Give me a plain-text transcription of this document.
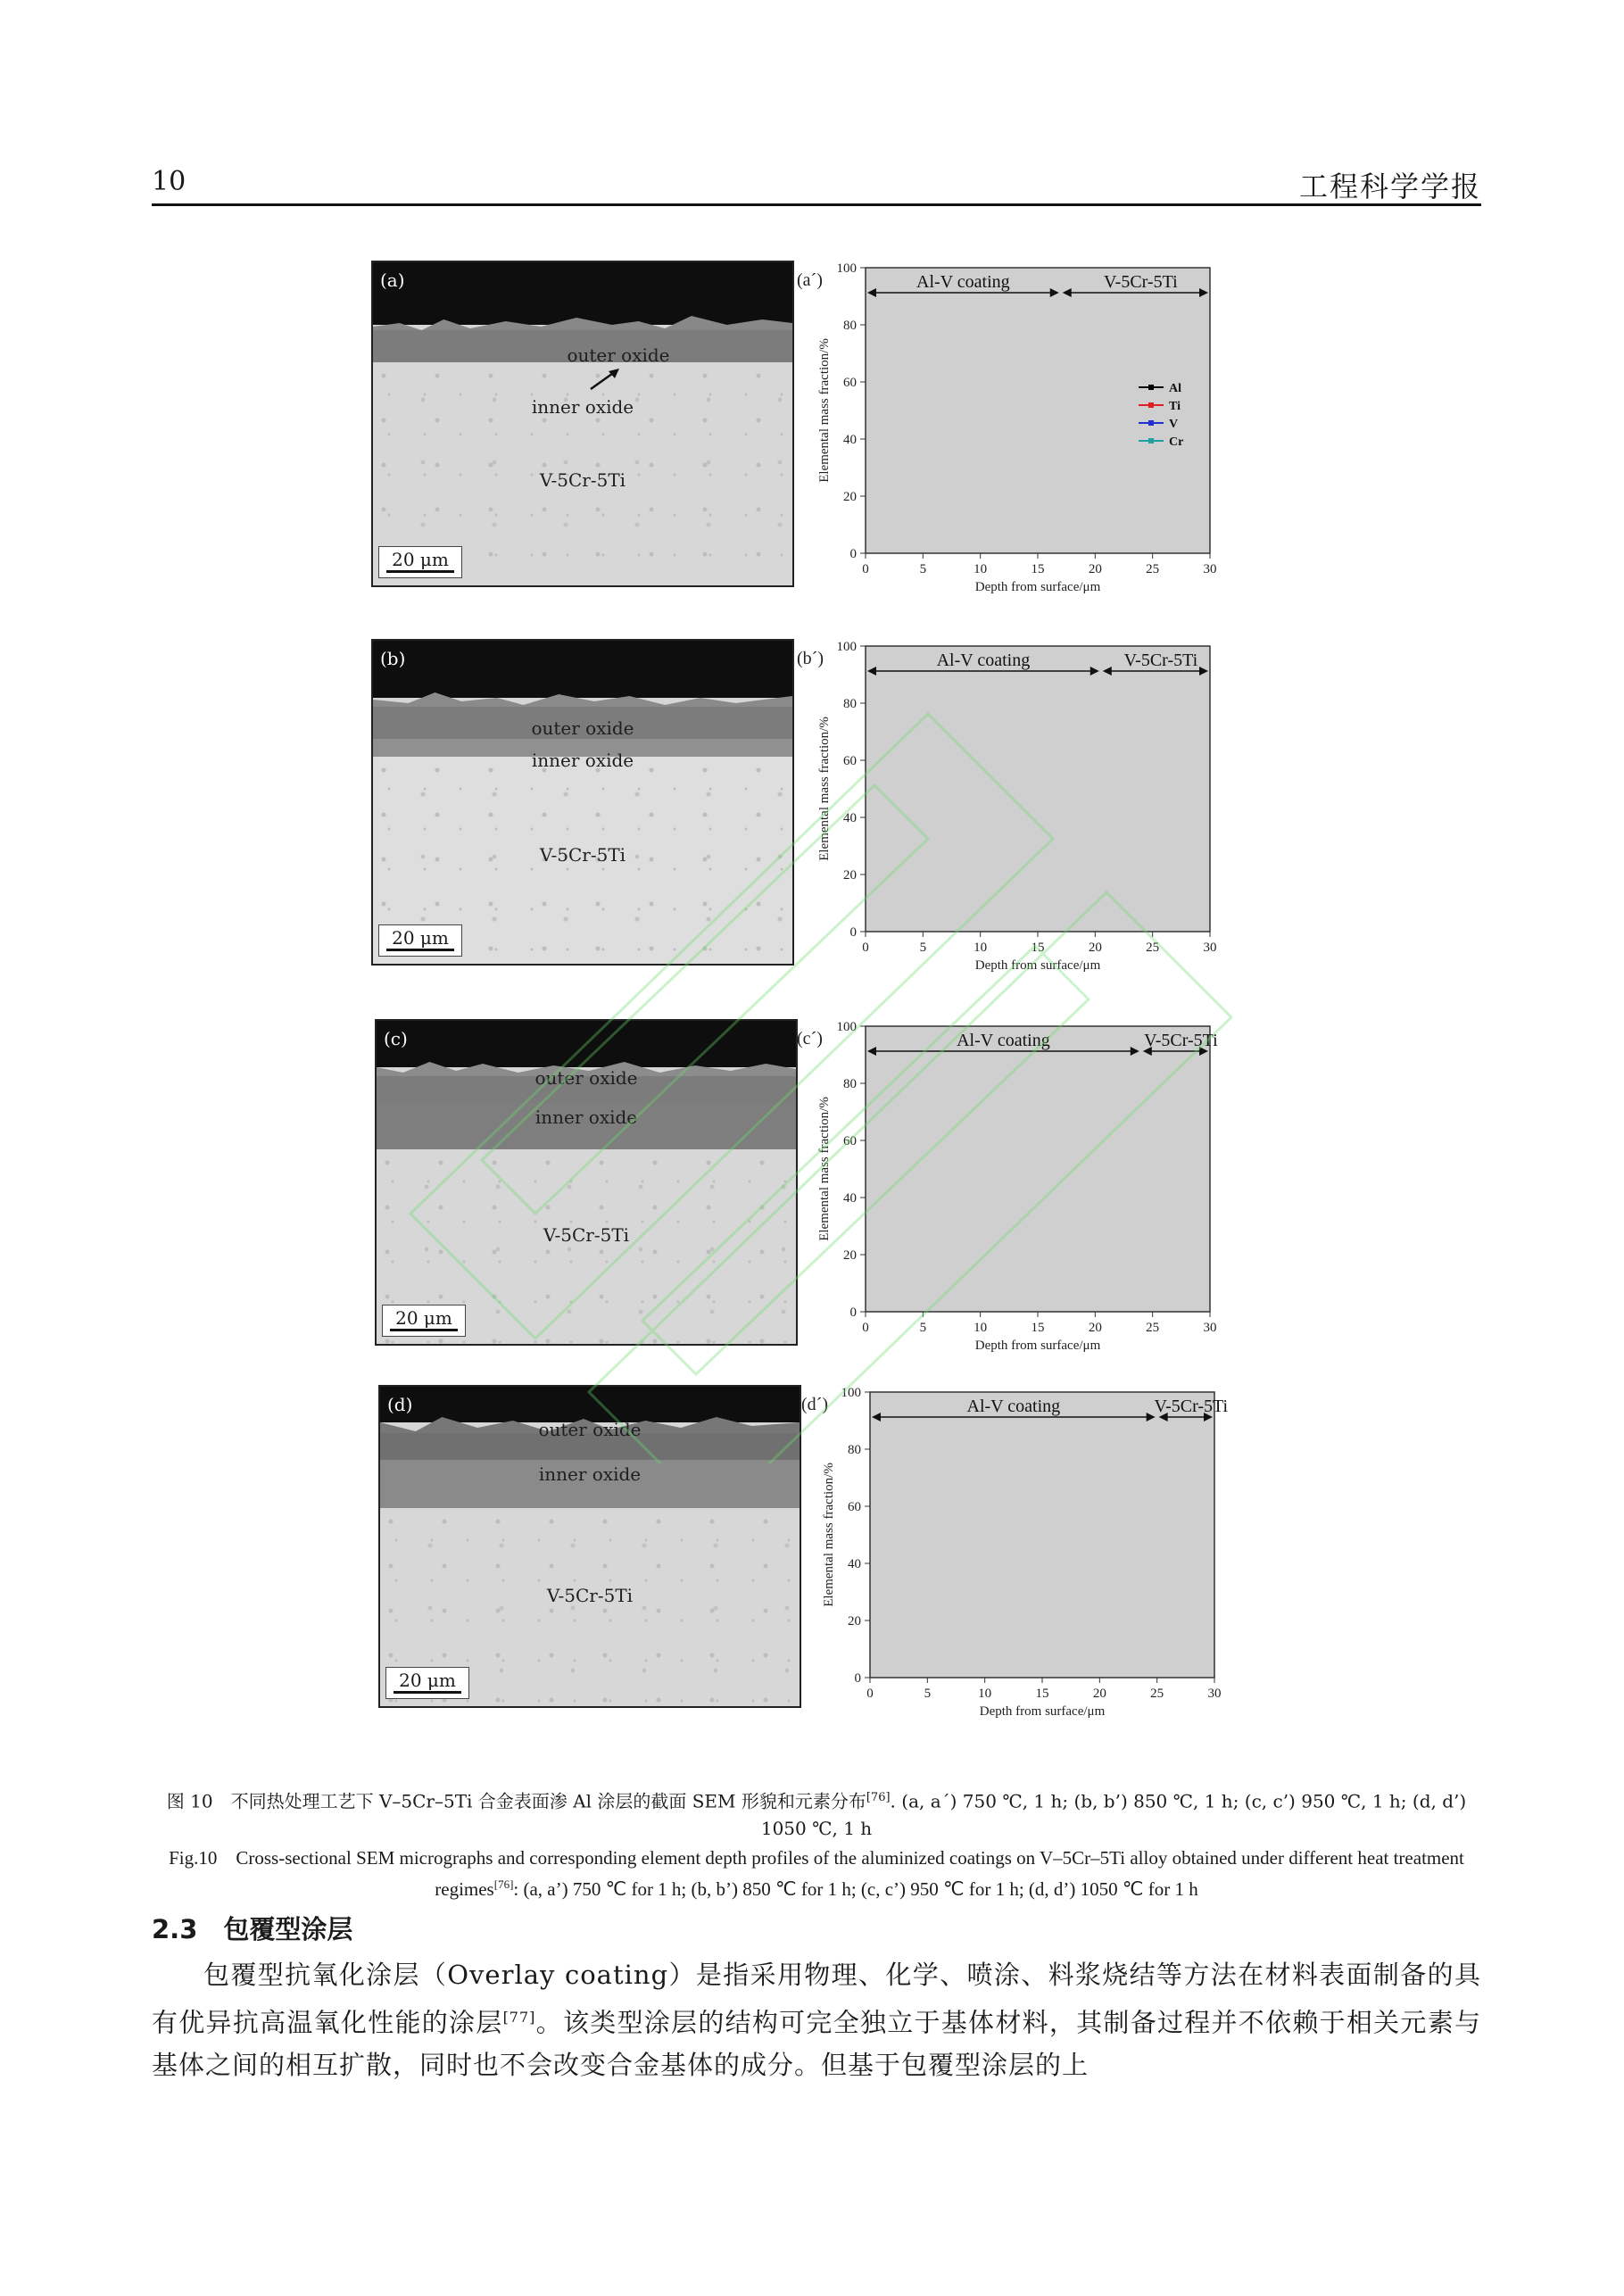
10	工程科学学报
(a)
outer oxide
inner oxide
V-5Cr-5Ti
20 μm	0	5	10	15	20	25	30
0
20
40
60
80
100
Depth from surface/μm
Elemental mass fraction/%
(a´)	Al-V coating	V-5Cr-5Ti
Al
Ti
V
Cr
(b)
outer oxide
inner oxide
V-5Cr-5Ti
20 μm	0	5	10	15	20	25	30
0
20
40
60
80
100
Depth from surface/μm
Elemental mass fraction/%
(b´)	Al-V coating	V-5Cr-5Ti
(c)
outer oxide
inner oxide
V-5Cr-5Ti
20 μm	0	5	10	15	20	25	30
0
20
40
60
80
100
Depth from surface/μm
Elemental mass fraction/%
(c´)	Al-V coating	V-5Cr-5Ti
(d)
outer oxide
inner oxide
V-5Cr-5Ti
20 μm
0	5	10	15	20	25	30
0
20
40
60
80
100
Depth from surface/μm
Elemental mass fraction/%
(d´)	Al-V coating	V-5Cr-5Ti
图 10　不同热处理工艺下 V–5Cr–5Ti 合金表面渗 Al 涂层的截面 SEM 形貌和元素分布[76]. (a, a´) 750 ℃, 1 h; (b, b’) 850 ℃, 1 h; (c, c’) 950 ℃, 1 h; (d, d’) 1050 ℃, 1 h
Fig.10　Cross-sectional SEM micrographs and corresponding element depth profiles of the aluminized coatings on V–5Cr–5Ti alloy obtained under different heat treatment regimes[76]: (a, a’) 750 ℃ for 1 h; (b, b’) 850 ℃ for 1 h; (c, c’) 950 ℃ for 1 h; (d, d’) 1050 ℃ for 1 h
2.3　包覆型涂层
包覆型抗氧化涂层（Overlay coating）是指采用物理、化学、喷涂、料浆烧结等方法在材料表面制备的具有优异抗高温氧化性能的涂层[77]。该类型涂层的结构可完全独立于基体材料，其制备过程并不依赖于相关元素与基体之间的相互扩散，同时也不会改变合金基体的成分。但基于包覆型涂层的上
